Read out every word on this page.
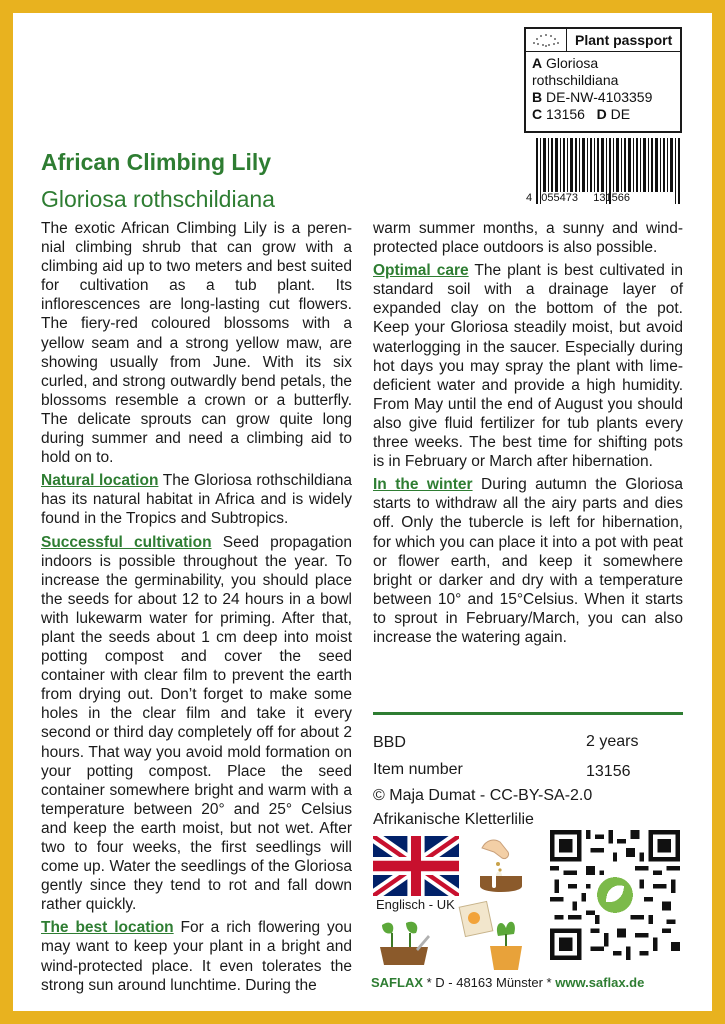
Plant passport
A Gloriosa
rothschildiana
B DE-NW-4103359
C 13156 D DE
4 055473 131566
African Climbing Lily
Gloriosa rothschildiana

The exotic African Climbing Lily is a perennial climbing shrub that can grow with a climbing aid up to two meters and best suited for cultivation as a tub plant. Its inflorescences are long-lasting cut flowers. The fiery-red coloured blossoms with a yellow seam and a strong yellow maw, are showing usually from June. With its six curled, and strong outwardly bend petals, the blossoms resemble a crown or a butterfly. The delicate sprouts can grow quite long during summer and need a climbing aid to hold on to.

Natural location The Gloriosa rothschildiana has its natural habitat in Africa and is widely found in the Tropics and Subtropics.

Successful cultivation Seed propagation indoors is possible throughout the year. To increase the germinability, you should place the seeds for about 12 to 24 hours in a bowl with lukewarm water for priming. After that, plant the seeds about 1 cm deep into moist potting compost and cover the seed container with clear film to prevent the earth from drying out. Don’t forget to make some holes in the clear film and take it every second or third day completely off for about 2 hours. That way you avoid mold formation on your potting compost. Place the seed container somewhere bright and warm with a temperature between 20° and 25° Celsius and keep the earth moist, but not wet. After two to four weeks, the first seedlings will come up. Water the seedlings of the Gloriosa gently since they tend to rot and fall down rather quickly.

The best location For a rich flowering you may want to keep your plant in a bright and wind-protected place. It even tolerates the strong sun around lunchtime. During the

warm summer months, a sunny and wind-protected place outdoors is also possible.

Optimal care The plant is best cultivated in standard soil with a drainage layer of expanded clay on the bottom of the pot. Keep your Gloriosa steadily moist, but avoid waterlogging in the saucer. Especially during hot days you may spray the plant with lime-deficient water and provide a high humidity. From May until the end of August you should also give fluid fertilizer for tub plants every three weeks. The best time for shifting pots is in February or March after hibernation.

In the winter During autumn the Gloriosa starts to withdraw all the airy parts and dies off. Only the tubercle is left for hibernation, for which you can place it into a pot with peat or flower earth, and keep it somewhere bright or darker and dry with a temperature between 10° and 15°Celsius. When it starts to sprout in February/March, you can also increase the watering again.

BBD	2 years
Item number	13156
© Maja Dumat - CC-BY-SA-2.0
Afrikanische Kletterlilie
Englisch - UK
SAFLAX * D - 48163 Münster * www.saflax.de
